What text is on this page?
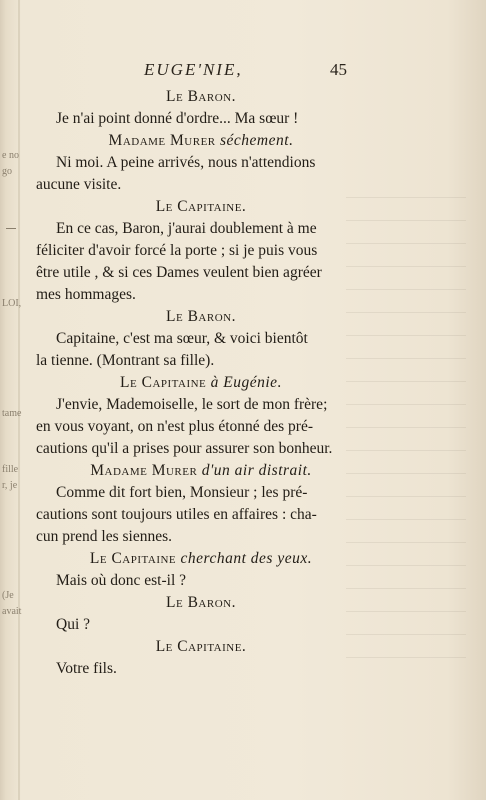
e no
go
LOI,
tame
fille
r, je
(Je
avait
EUGE'NIE,	45
Le Baron.
Je n'ai point donné d'ordre... Ma sœur !
Madame Murer séchement.
Ni moi. A peine arrivés, nous n'attendions
aucune visite.
Le Capitaine.
En ce cas, Baron, j'aurai doublement à me
féliciter d'avoir forcé la porte ; si je puis vous
être utile , & si ces Dames veulent bien agréer
mes hommages.
Le Baron.
Capitaine, c'est ma sœur, & voici bientôt
la tienne. (Montrant sa fille).
Le Capitaine à Eugénie.
J'envie, Mademoiselle, le sort de mon frère;
en vous voyant, on n'est plus étonné des pré-
cautions qu'il a prises pour assurer son bonheur.
Madame Murer d'un air distrait.
Comme dit fort bien, Monsieur ; les pré-
cautions sont toujours utiles en affaires : cha-
cun prend les siennes.
Le Capitaine cherchant des yeux.
Mais où donc est-il ?
Le Baron.
Qui ?
Le Capitaine.
Votre fils.
